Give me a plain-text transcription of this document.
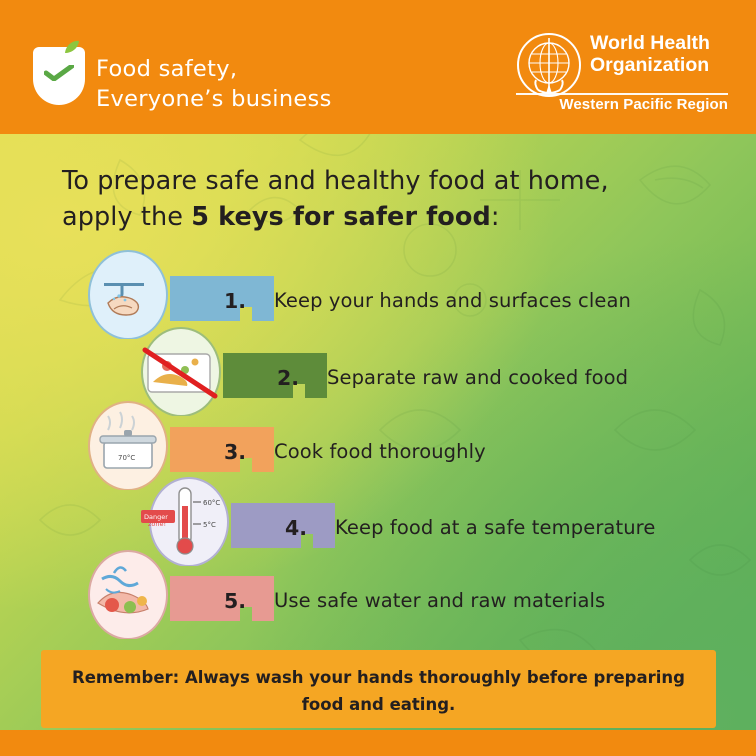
Food safety,
Everyone’s business
World Health
Organization
Western Pacific Region
To prepare safe and healthy food at home,
apply the 5 keys for safer food:
1. Keep your hands and surfaces clean
2. Separate raw and cooked food
70°C	3. Cook food thoroughly
60°C
5°C
Danger
zone!	4. Keep food at a safe temperature
5. Use safe water and raw materials
Remember: Always wash your hands thoroughly before preparing food and eating.
